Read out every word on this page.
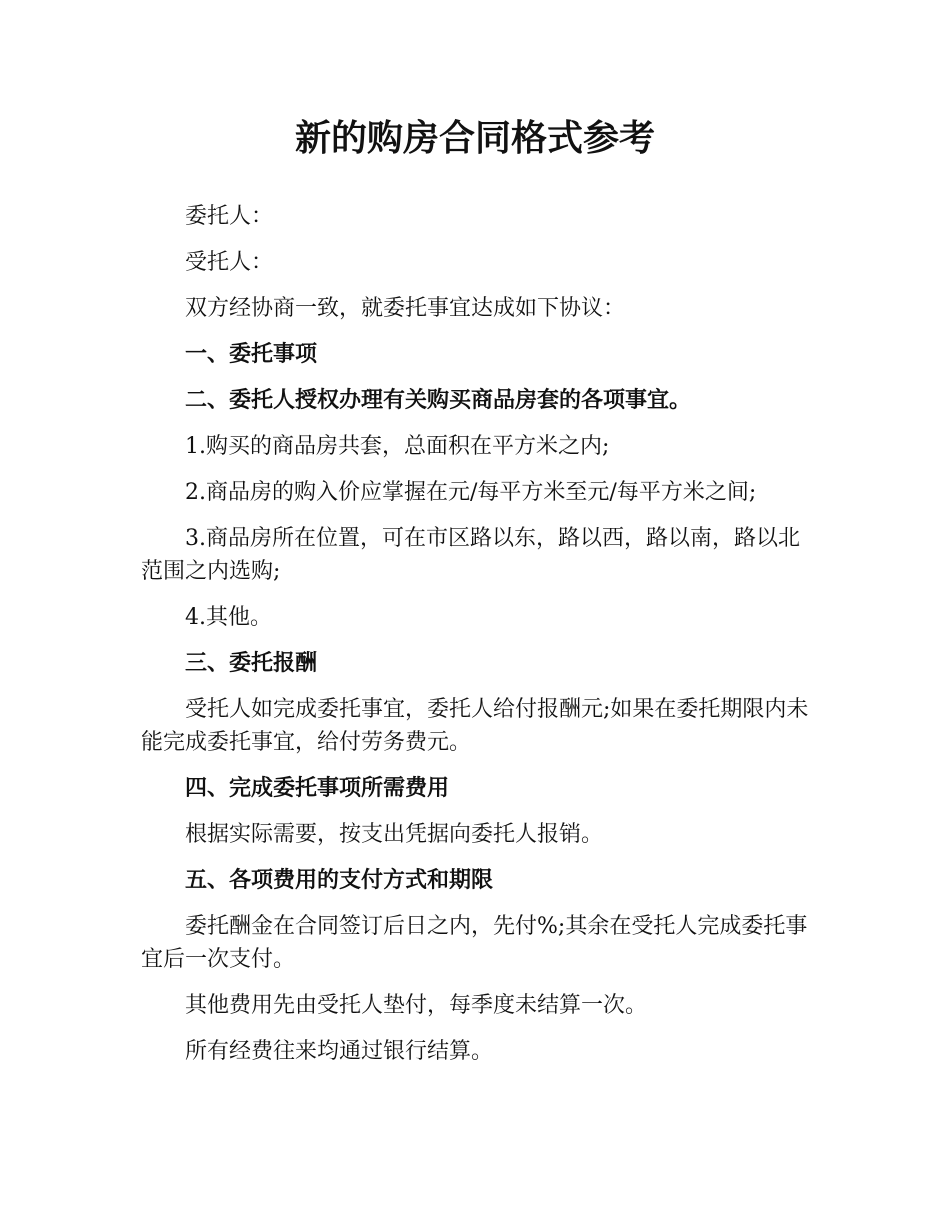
新的购房合同格式参考

委托人：

受托人：

双方经协商一致，就委托事宜达成如下协议：

一、委托事项

二、委托人授权办理有关购买商品房套的各项事宜。

1.购买的商品房共套，总面积在平方米之内;

2.商品房的购入价应掌握在元/每平方米至元/每平方米之间;

3.商品房所在位置，可在市区路以东，路以西，路以南，路以北范围之内选购;

4.其他。

三、委托报酬

受托人如完成委托事宜，委托人给付报酬元;如果在委托期限内未能完成委托事宜，给付劳务费元。

四、完成委托事项所需费用

根据实际需要，按支出凭据向委托人报销。

五、各项费用的支付方式和期限

委托酬金在合同签订后日之内，先付%;其余在受托人完成委托事宜后一次支付。

其他费用先由受托人垫付，每季度未结算一次。

所有经费往来均通过银行结算。
